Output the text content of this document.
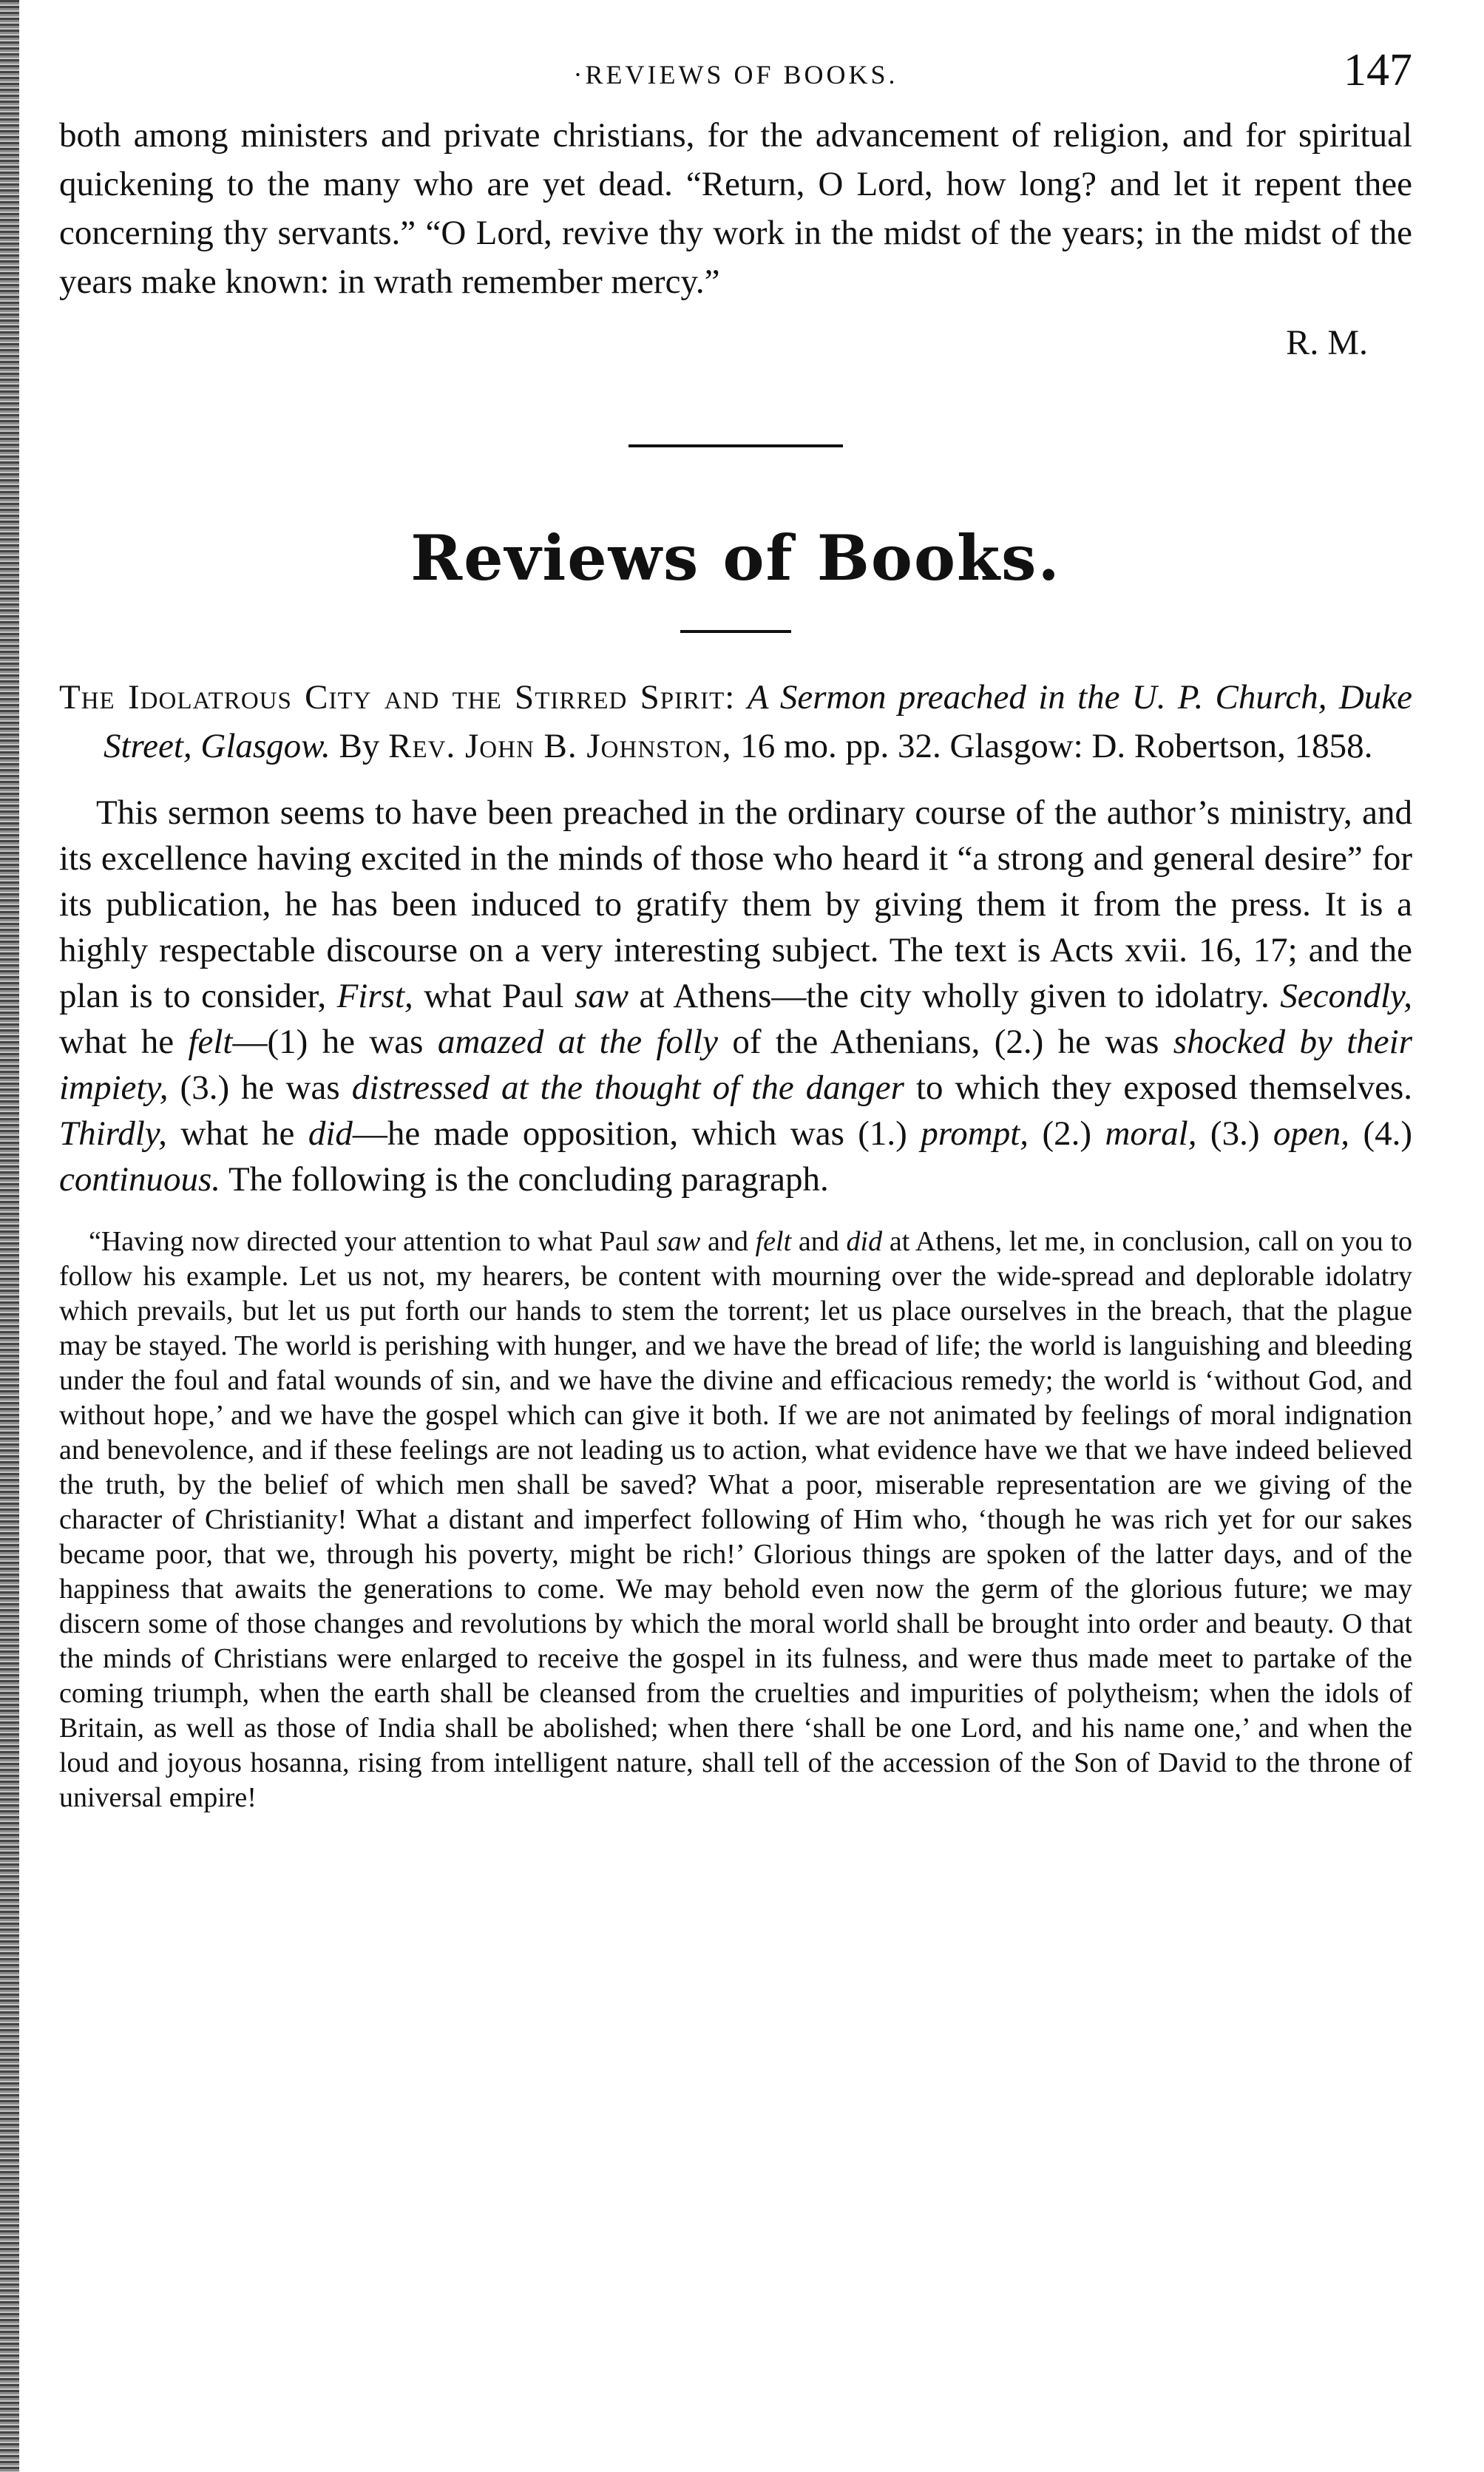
·REVIEWS OF BOOKS.	147

both among ministers and private christians, for the advancement of religion, and for spiritual quickening to the many who are yet dead. “Return, O Lord, how long? and let it repent thee concerning thy servants.” “O Lord, revive thy work in the midst of the years; in the midst of the years make known: in wrath remember mercy.”

R. M.
Reviews of Books.
The Idolatrous City and the Stirred Spirit: A Sermon preached in the U. P. Church, Duke Street, Glasgow. By Rev. John B. Johnston, 16 mo. pp. 32. Glasgow: D. Robertson, 1858.
This sermon seems to have been preached in the ordinary course of the author’s ministry, and its excellence having excited in the minds of those who heard it “a strong and general desire” for its publication, he has been induced to gratify them by giving them it from the press. It is a highly respectable discourse on a very interesting subject. The text is Acts xvii. 16, 17; and the plan is to consider, First, what Paul saw at Athens—the city wholly given to idolatry. Secondly, what he felt—(1) he was amazed at the folly of the Athenians, (2.) he was shocked by their impiety, (3.) he was distressed at the thought of the danger to which they exposed themselves. Thirdly, what he did—he made opposition, which was (1.) prompt, (2.) moral, (3.) open, (4.) continuous. The following is the concluding paragraph.
“Having now directed your attention to what Paul saw and felt and did at Athens, let me, in conclusion, call on you to follow his example. Let us not, my hearers, be content with mourning over the wide-spread and deplorable idolatry which prevails, but let us put forth our hands to stem the torrent; let us place ourselves in the breach, that the plague may be stayed. The world is perishing with hunger, and we have the bread of life; the world is languishing and bleeding under the foul and fatal wounds of sin, and we have the divine and efficacious remedy; the world is ‘without God, and without hope,’ and we have the gospel which can give it both. If we are not animated by feelings of moral indignation and benevolence, and if these feelings are not leading us to action, what evidence have we that we have indeed believed the truth, by the belief of which men shall be saved? What a poor, miserable representation are we giving of the character of Christianity! What a distant and imperfect following of Him who, ‘though he was rich yet for our sakes became poor, that we, through his poverty, might be rich!’ Glorious things are spoken of the latter days, and of the happiness that awaits the generations to come. We may behold even now the germ of the glorious future; we may discern some of those changes and revolutions by which the moral world shall be brought into order and beauty. O that the minds of Christians were enlarged to receive the gospel in its fulness, and were thus made meet to partake of the coming triumph, when the earth shall be cleansed from the cruelties and impurities of polytheism; when the idols of Britain, as well as those of India shall be abolished; when there ‘shall be one Lord, and his name one,’ and when the loud and joyous hosanna, rising from intelligent nature, shall tell of the accession of the Son of David to the throne of universal empire!
